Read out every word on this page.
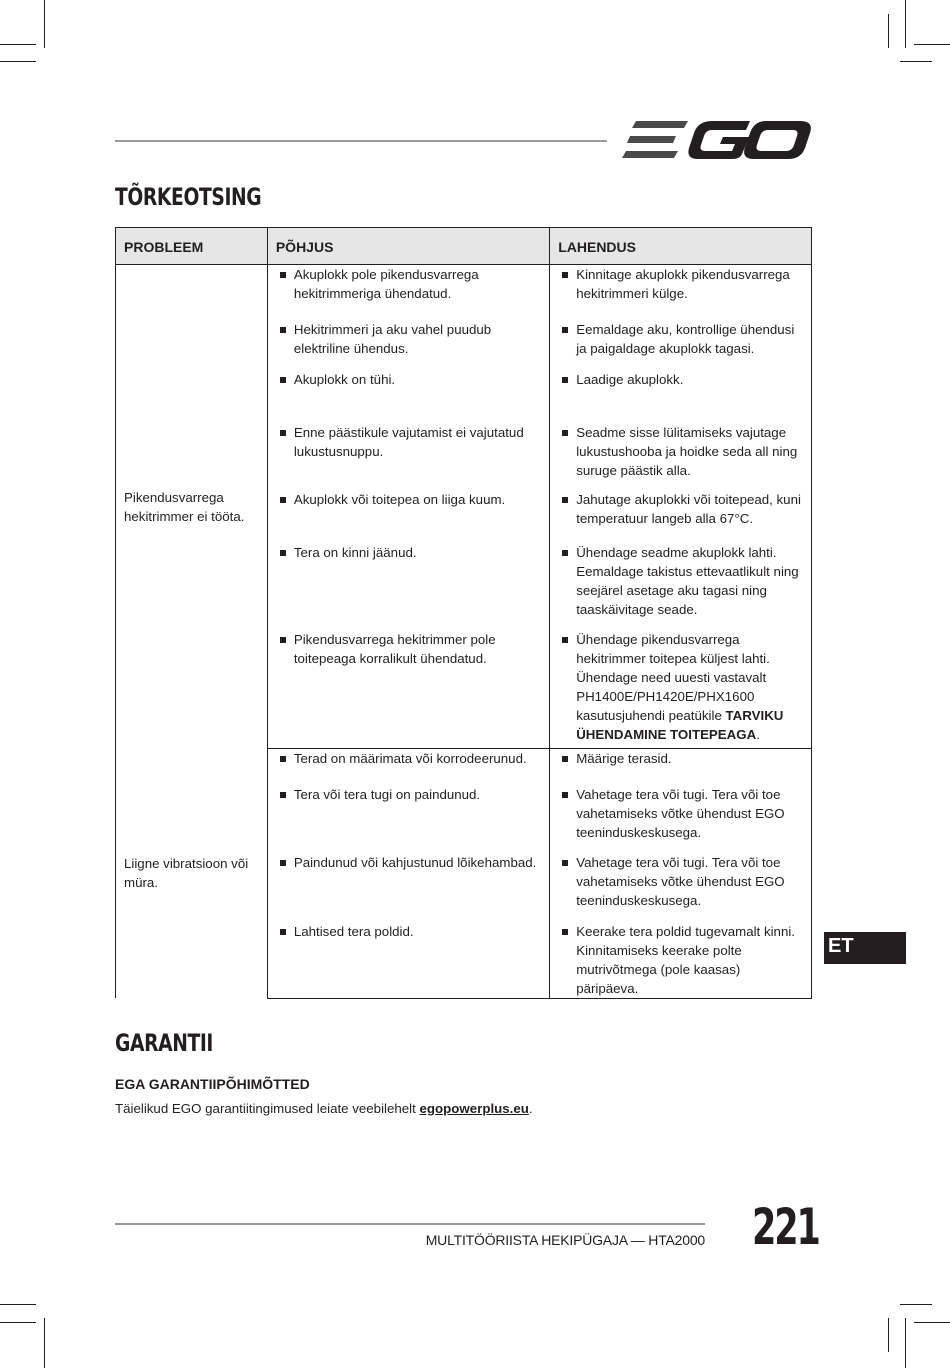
TÕRKEOTSING
PROBLEEM	PÕHJUS	LAHENDUS
Pikendusvarrega hekitrimmer ei tööta.	Akuplokk pole pikendusvarrega hekitrimmeriga ühendatud.	Kinnitage akuplokk pikendusvarrega hekitrimmeri külge.

Hekitrimmeri ja aku vahel puudub elektriline ühendus.	Eemaldage aku, kontrollige ühendusi ja paigaldage akuplokk tagasi.

Akuplokk on tühi.	Laadige akuplokk.

Enne päästikule vajutamist ei vajutatud lukustusnuppu.	Seadme sisse lülitamiseks vajutage lukustushooba ja hoidke seda all ning suruge päästik alla.

Akuplokk või toitepea on liiga kuum.	Jahutage akuplokki või toitepead, kuni temperatuur langeb alla 67°C.

Tera on kinni jäänud.	Ühendage seadme akuplokk lahti. Eemaldage takistus ettevaatlikult ning seejärel asetage aku tagasi ning taaskäivitage seade.

Pikendusvarrega hekitrimmer pole toitepeaga korralikult ühendatud.	Ühendage pikendusvarrega hekitrimmer toitepea küljest lahti. Ühendage need uuesti vastavalt PH1400E/PH1420E/PHX1600 kasutusjuhendi peatükile TARVIKU ÜHENDAMINE TOITEPEAGA.

Liigne vibratsioon või müra.	Terad on määrimata või korrodeerunud.	Määrige terasid.

Tera või tera tugi on paindunud.	Vahetage tera või tugi. Tera või toe vahetamiseks võtke ühendust EGO teeninduskeskusega.

Paindunud või kahjustunud lõikehambad.	Vahetage tera või tugi. Tera või toe vahetamiseks võtke ühendust EGO teeninduskeskusega.

Lahtised tera poldid.	Keerake tera poldid tugevamalt kinni. Kinnitamiseks keerake polte mutrivõtmega (pole kaasas) päripäeva.
ET
GARANTII
EGA GARANTIIPÕHIMÕTTED
Täielikud EGO garantiitingimused leiate veebilehelt egopowerplus.eu.
MULTITÖÖRIISTA HEKIPÜGAJA — HTA2000 221
